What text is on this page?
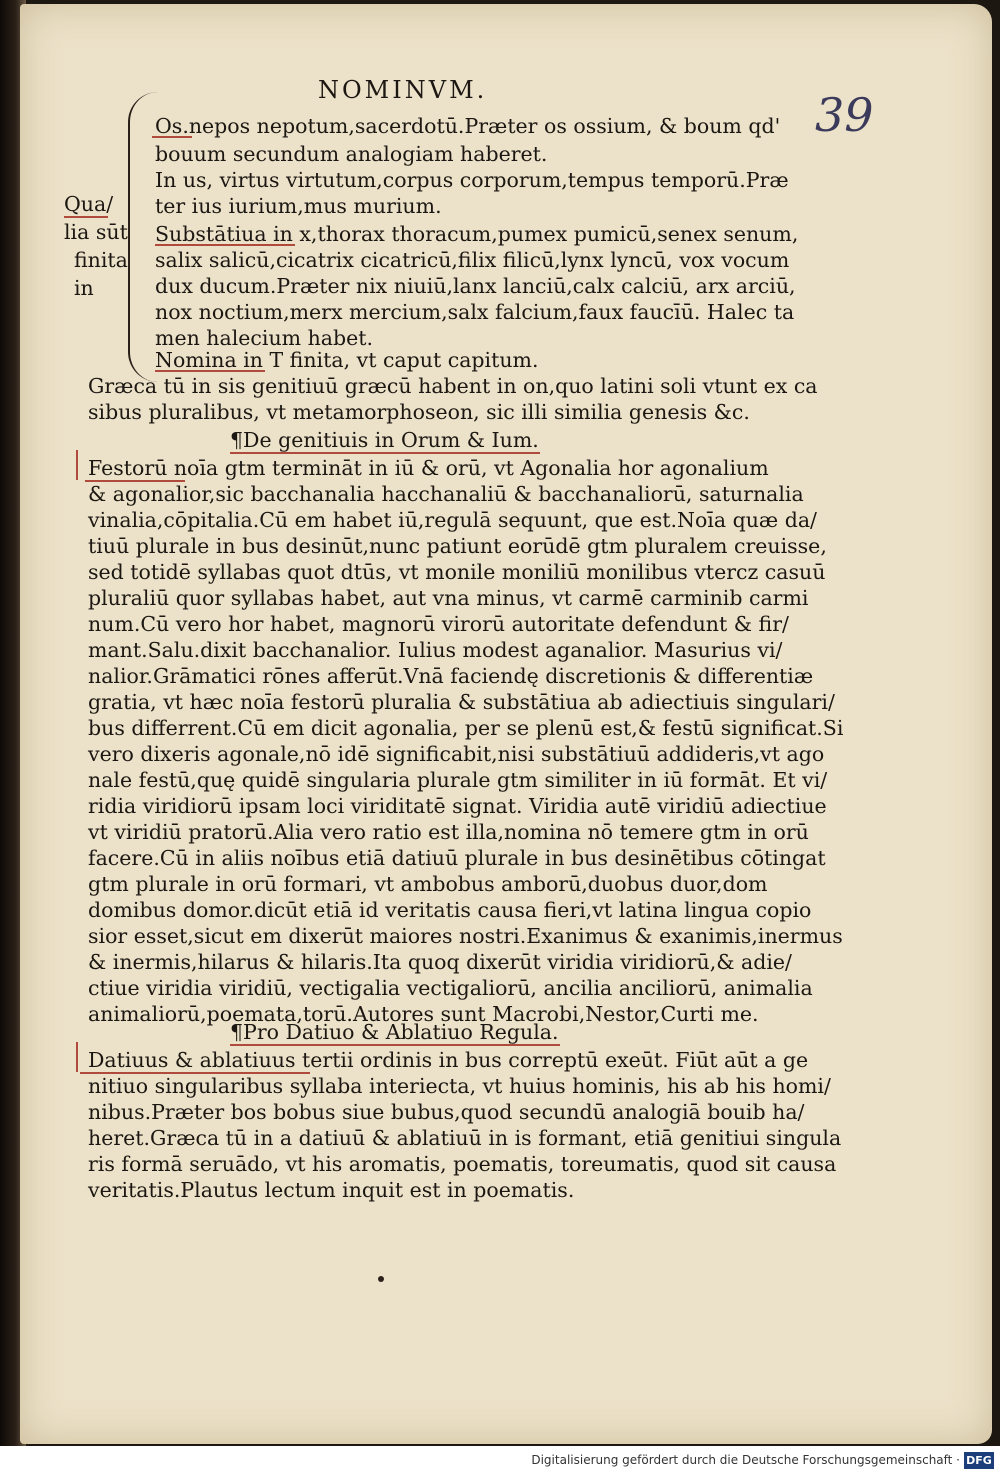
NOMINVM.	39
Qua/
lia sūt
finita
in
Os.nepos nepotum,sacerdotū.Præter os ossium, & boum qd'
bouum secundum analogiam haberet.
In us, virtus virtutum,corpus corporum,tempus temporū.Præ
ter ius iurium,mus murium.
Substātiua in x,thorax thoracum,pumex pumicū,senex senum,
salix salicū,cicatrix cicatricū,filix filicū,lynx lyncū, vox vocum
dux ducum.Præter nix niuiū,lanx lanciū,calx calciū, arx arciū,
nox noctium,merx mercium,salx falcium,faux faucīū. Halec ta
men halecium habet.
Nomina in T finita, vt caput capitum.
Græca tū in sis genitiuū græcū habent in on,quo latini soli vtunt ex ca
sibus pluralibus, vt metamorphoseon, sic illi similia genesis &c.
¶De genitiuis in Orum & Ium.
Festorū noīa gtm termināt in iū & orū, vt Agonalia hor agonalium
& agonalior,sic bacchanalia hacchanaliū & bacchanaliorū, saturnalia
vinalia,cōpitalia.Cū em habet iū,regulā sequunt, que est.Noīa quæ da/
tiuū plurale in bus desinūt,nunc patiunt eorūdē gtm pluralem creuisse,
sed totidē syllabas quot dtūs, vt monile moniliū monilibus vtercz casuū
pluraliū quor syllabas habet, aut vna minus, vt carmē carminib carmi
num.Cū vero hor habet, magnorū virorū autoritate defendunt & fir/
mant.Salu.dixit bacchanalior. Iulius modest aganalior. Masurius vi/
nalior.Grāmatici rōnes afferūt.Vnā faciendę discretionis & differentiæ
gratia, vt hæc noīa festorū pluralia & substātiua ab adiectiuis singulari/
bus differrent.Cū em dicit agonalia, per se plenū est,& festū significat.Si
vero dixeris agonale,nō idē significabit,nisi substātiuū addideris,vt ago
nale festū,quę quidē singularia plurale gtm similiter in iū formāt. Et vi/
ridia viridiorū ipsam loci viriditatē signat. Viridia autē viridiū adiectiue
vt viridiū pratorū.Alia vero ratio est illa,nomina nō temere gtm in orū
facere.Cū in aliis noībus etiā datiuū plurale in bus desinētibus cōtingat
gtm plurale in orū formari, vt ambobus amborū,duobus duor,dom
domibus domor.dicūt etiā id veritatis causa fieri,vt latina lingua copio
sior esset,sicut em dixerūt maiores nostri.Exanimus & exanimis,inermus
& inermis,hilarus & hilaris.Ita quoq dixerūt viridia viridiorū,& adie/
ctiue viridia viridiū, vectigalia vectigaliorū, ancilia anciliorū, animalia
animaliorū,poemata,torū.Autores sunt Macrobi,Nestor,Curti me.
¶Pro Datiuo & Ablatiuo Regula.
Datiuus & ablatiuus tertii ordinis in bus correptū exeūt. Fiūt aūt a ge
nitiuo singularibus syllaba interiecta, vt huius hominis, his ab his homi/
nibus.Præter bos bobus siue bubus,quod secundū analogiā bouib ha/
heret.Græca tū in a datiuū & ablatiuū in is formant, etiā genitiui singula
ris formā seruādo, vt his aromatis, poematis, toreumatis, quod sit causa
veritatis.Plautus lectum inquit est in poematis.
Digitalisierung gefördert durch die Deutsche Forschungsgemeinschaft · DFG
